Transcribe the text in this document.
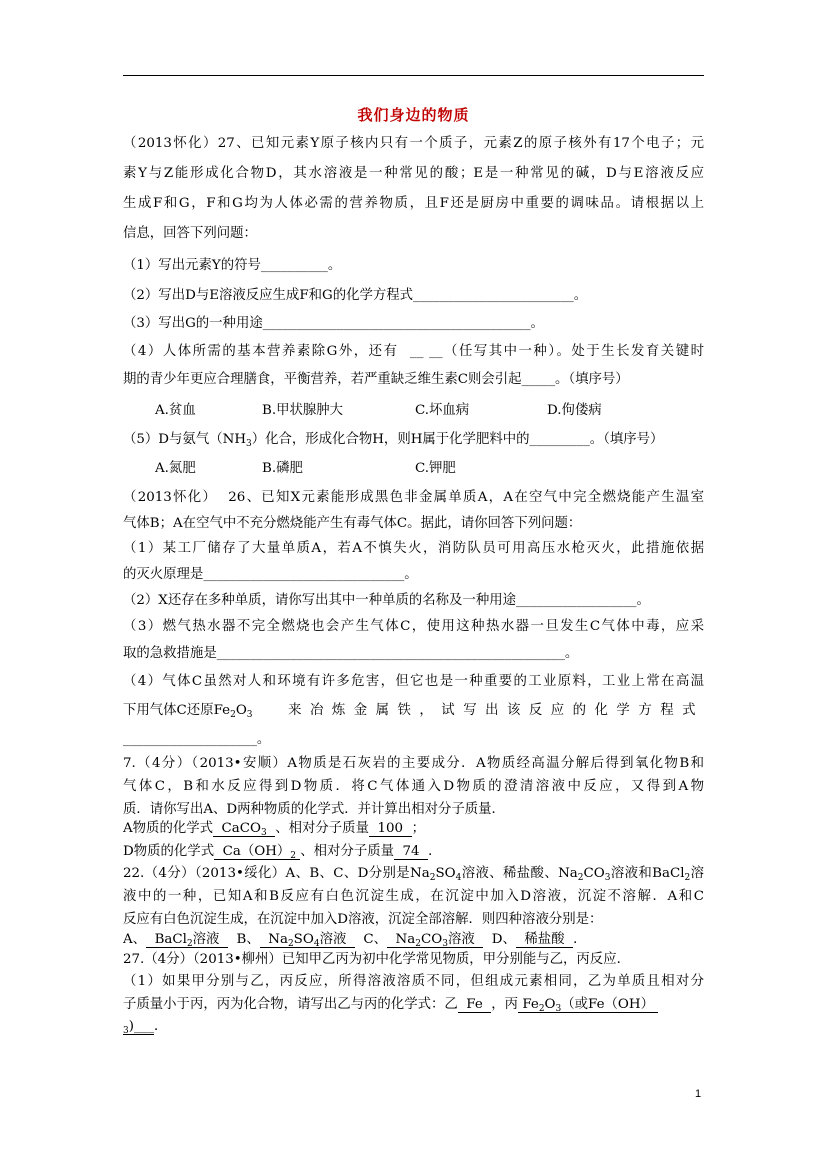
我们身边的物质
（2013怀化）27、已知元素Y原子核内只有一个质子，元素Z的原子核外有17个电子；元
素Y与Z能形成化合物D，其水溶液是一种常见的酸；E是一种常见的碱，D与E溶液反应
生成F和G，F和G均为人体必需的营养物质，且F还是厨房中重要的调味品。请根据以上
信息，回答下列问题：
（1）写出元素Y的符号__________。
（2）写出D与E溶液反应生成F和G的化学方程式________________________。
（3）写出G的一种用途________________________________________。
（4）人体所需的基本营养素除G外，还有  __ __（任写其中一种）。处于生长发育关键时
期的青少年更应合理膳食，平衡营养，若严重缺乏维生素C则会引起_____。（填序号）
A.贫血	B.甲状腺肿大	C.坏血病	D.佝偻病
（5）D与氨气$(NH_3)$化合，形成化合物H，则H属于化学肥料中的_________。（填序号）
A.氮肥	B.磷肥	C.钾肥
（2013怀化）  26、已知X元素能形成黑色非金属单质A，A在空气中完全燃烧能产生温室
气体B；A在空气中不充分燃烧能产生有毒气体C。据此，请你回答下列问题：
（1）某工厂储存了大量单质A，若A不慎失火，消防队员可用高压水枪灭火，此措施依据
的灭火原理是______________________________。
（2）X还存在多种单质，请你写出其中一种单质的名称及一种用途__________________。
（3）燃气热水器不完全燃烧也会产生气体C，使用这种热水器一旦发生C气体中毒，应采
取的急救措施是____________________________________________________。
（4）气体C虽然对人和环境有许多危害，但它也是一种重要的工业原料，工业上常在高温
下用气体C还原$Fe_2O_3$	来冶炼金属铁，试写出该反应的化学方程式
____________________。
7.（4分）（2013•安顺）A物质是石灰岩的主要成分．A物质经高温分解后得到氧化物B和
气体C，B和水反应得到D物质．将C气体通入D物质的澄清溶液中反应，又得到A物
质．请你写出A、D两种物质的化学式．并计算出相对分子质量．
A物质的化学式  CaCO$_3$ 、相对分子质量  100  ；
D物质的化学式  $Ca(OH)_2$ 、相对分子质量  74  ．
22.（4分）（2013•绥化）A、B、C、D分别是$Na_2SO_4$溶液、稀盐酸、$Na_2CO_3$溶液和BaCl$_2$溶
液中的一种，已知A和B反应有白色沉淀生成，在沉淀中加入D溶液，沉淀不溶解．A和C
反应有白色沉淀生成，在沉淀中加入D溶液，沉淀全部溶解．则四种溶液分别是：
A、  BaCl$_2$溶液    B、  $Na_2SO_4$溶液    C、  $Na_2CO_3$溶液    D、  稀盐酸  ．
27.（4分）（2013•柳州）已知甲乙丙为初中化学常见物质，甲分别能与乙，丙反应．
（1）如果甲分别与乙，丙反应，所得溶液溶质不同，但组成元素相同，乙为单质且相对分
子质量小于丙，丙为化合物，请写出乙与丙的化学式：乙  Fe  ，丙 $Fe_2O_3$（或Fe（OH）
$_3$)___．
1
